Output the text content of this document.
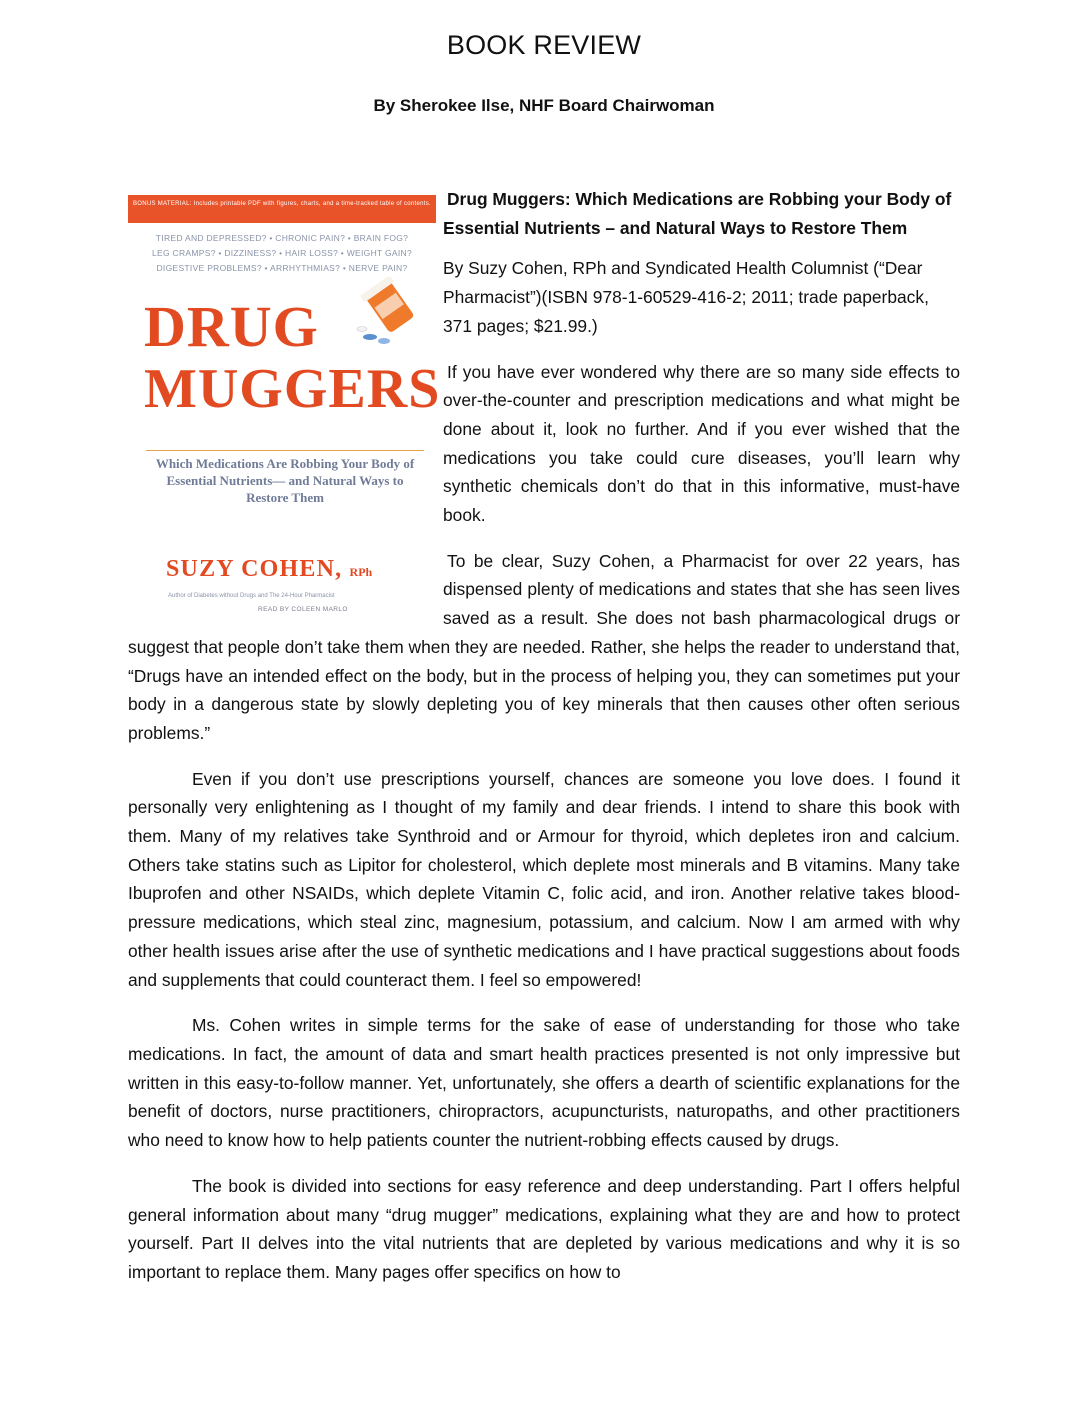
BOOK REVIEW
By Sherokee Ilse, NHF Board Chairwoman
BONUS MATERIAL: Includes printable PDF with figures, charts, and a time-tracked table of contents.
TIRED AND DEPRESSED? • CHRONIC PAIN? • BRAIN FOG?
LEG CRAMPS? • DIZZINESS? • HAIR LOSS? • WEIGHT GAIN?
DIGESTIVE PROBLEMS? • ARRHYTHMIAS? • NERVE PAIN?
DRUG
MUGGERS
Which Medications Are Robbing Your Body of Essential Nutrients— and Natural Ways to Restore Them
SUZY COHEN, RPh
Author of Diabetes without Drugs and The 24-Hour Pharmacist
READ BY COLEEN MARLO

Drug Muggers: Which Medications are Robbing your Body of Essential Nutrients – and Natural Ways to Restore Them

By Suzy Cohen, RPh and Syndicated Health Columnist (“Dear Pharmacist”)(ISBN 978-1-60529-416-2; 2011; trade paperback, 371 pages; $21.99.)

If you have ever wondered why there are so many side effects to over-the-counter and prescription medications and what might be done about it, look no further. And if you ever wished that the medications you take could cure diseases, you’ll learn why synthetic chemicals don’t do that in this informative, must-have book.

To be clear, Suzy Cohen, a Pharmacist for over 22 years, has dispensed plenty of medications and states that she has seen lives saved as a result. She does not bash pharmacological drugs or suggest that people don’t take them when they are needed. Rather, she helps the reader to understand that, “Drugs have an intended effect on the body, but in the process of helping you, they can sometimes put your body in a dangerous state by slowly depleting you of key minerals that then causes other often serious problems.”

Even if you don’t use prescriptions yourself, chances are someone you love does. I found it personally very enlightening as I thought of my family and dear friends. I intend to share this book with them. Many of my relatives take Synthroid and or Armour for thyroid, which depletes iron and calcium. Others take statins such as Lipitor for cholesterol, which deplete most minerals and B vitamins. Many take Ibuprofen and other NSAIDs, which deplete Vitamin C, folic acid, and iron. Another relative takes blood-pressure medications, which steal zinc, magnesium, potassium, and calcium. Now I am armed with why other health issues arise after the use of synthetic medications and I have practical suggestions about foods and supplements that could counteract them. I feel so empowered!

Ms. Cohen writes in simple terms for the sake of ease of understanding for those who take medications. In fact, the amount of data and smart health practices presented is not only impressive but written in this easy-to-follow manner. Yet, unfortunately, she offers a dearth of scientific explanations for the benefit of doctors, nurse practitioners, chiropractors, acupuncturists, naturopaths, and other practitioners who need to know how to help patients counter the nutrient-robbing effects caused by drugs.

The book is divided into sections for easy reference and deep understanding. Part I offers helpful general information about many “drug mugger” medications, explaining what they are and how to protect yourself. Part II delves into the vital nutrients that are depleted by various medications and why it is so important to replace them. Many pages offer specifics on how to
